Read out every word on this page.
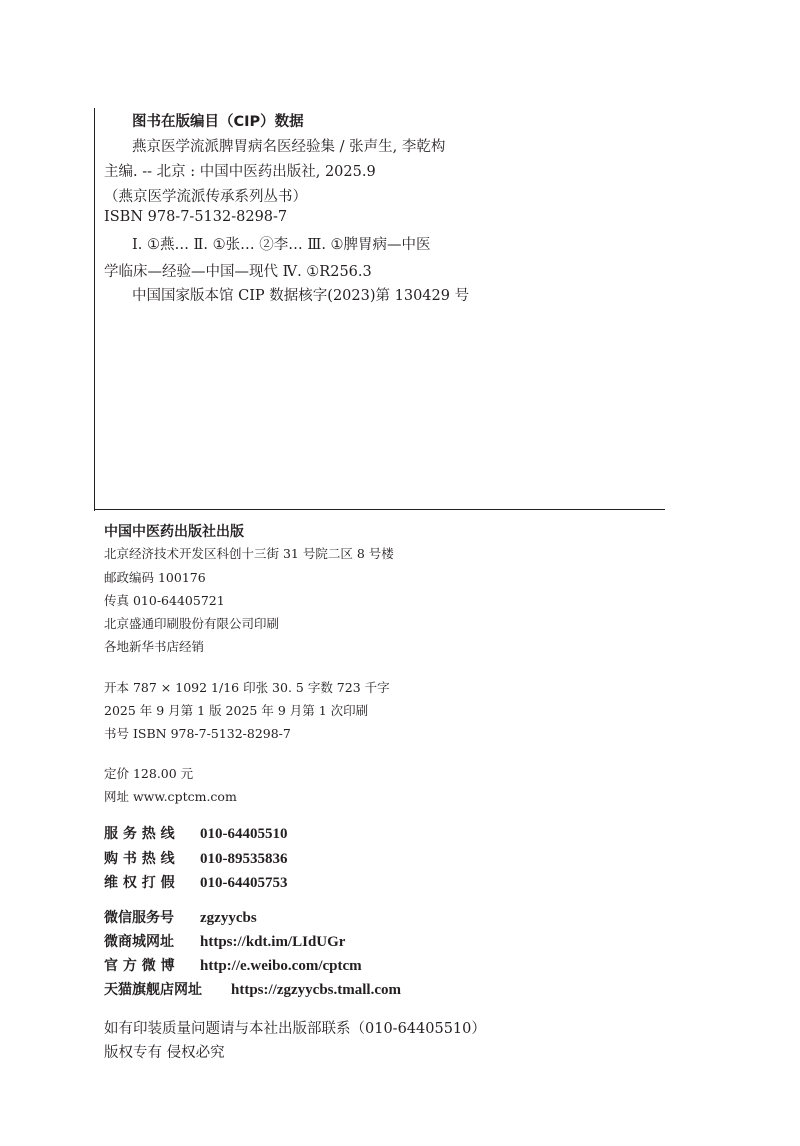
图书在版编目（CIP）数据
燕京医学流派脾胃病名医经验集 / 张声生, 李乾构
主编. -- 北京 : 中国中医药出版社, 2025.9
（燕京医学流派传承系列丛书）
ISBN 978-7-5132-8298-7
Ⅰ. ①燕… Ⅱ. ①张… ②李… Ⅲ. ①脾胃病—中医
学临床—经验—中国—现代 Ⅳ. ①R256.3
中国国家版本馆 CIP 数据核字(2023)第 130429 号
中国中医药出版社出版
北京经济技术开发区科创十三街 31 号院二区 8 号楼
邮政编码 100176
传真 010-64405721
北京盛通印刷股份有限公司印刷
各地新华书店经销
开本 787 × 1092 1/16 印张 30. 5 字数 723 千字
2025 年 9 月第 1 版 2025 年 9 月第 1 次印刷
书号 ISBN 978-7-5132-8298-7
定价 128.00 元
网址 www.cptcm.com
服 务 热 线 010-64405510
购 书 热 线 010-89535836
维 权 打 假 010-64405753
微信服务号 zgzyycbs
微商城网址 https://kdt.im/LIdUGr
官 方 微 博 http://e.weibo.com/cptcm
天猫旗舰店网址 https://zgzyycbs.tmall.com
如有印装质量问题请与本社出版部联系（010-64405510）
版权专有 侵权必究
